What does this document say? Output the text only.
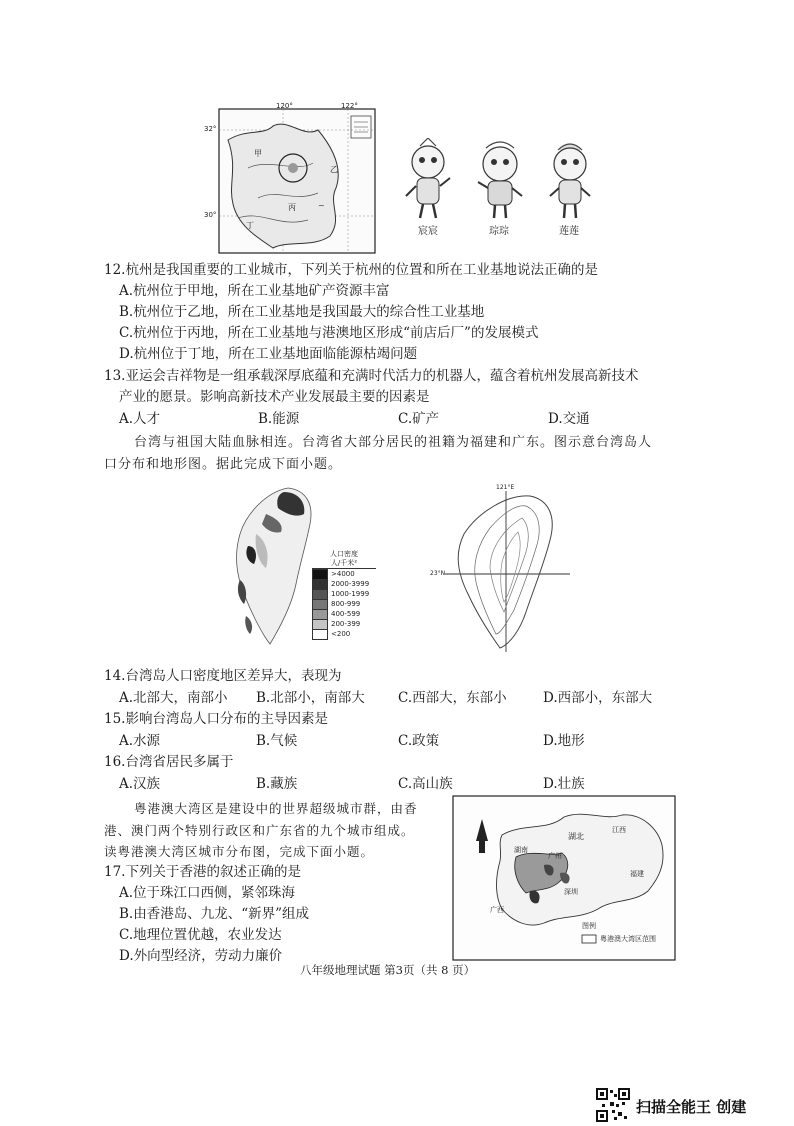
~
120°	122°
32°
30°
甲
乙
丙
丁
宸宸	琮琮	莲莲
12.杭州是我国重要的工业城市，下列关于杭州的位置和所在工业基地说法正确的是
A.杭州位于甲地，所在工业基地矿产资源丰富
B.杭州位于乙地，所在工业基地是我国最大的综合性工业基地
C.杭州位于丙地，所在工业基地与港澳地区形成“前店后厂”的发展模式
D.杭州位于丁地，所在工业基地面临能源枯竭问题
13.亚运会吉祥物是一组承载深厚底蕴和充满时代活力的机器人，蕴含着杭州发展高新技术
产业的愿景。影响高新技术产业发展最主要的因素是
A.人才	B.能源	C.矿产	D.交通
台湾与祖国大陆血脉相连。台湾省大部分居民的祖籍为福建和广东。图示意台湾岛人
口分布和地形图。据此完成下面小题。
人口密度
人/千米²
>4000
2000-3999
1000-1999
800-999
400-599
200-399
<200
121°E
23°N
14.台湾岛人口密度地区差异大，表现为
A.北部大，南部小 B.北部小，南部大 C.西部大，东部小	D.西部小，东部大
15.影响台湾岛人口分布的主导因素是
A.水源	B.气候	C.政策	D.地形
16.台湾省居民多属于
A.汉族	B.藏族	C.高山族	D.壮族
粤港澳大湾区是建设中的世界超级城市群，由香
港、澳门两个特别行政区和广东省的九个城市组成。
读粤港澳大湾区城市分布图，完成下面小题。
17.下列关于香港的叙述正确的是
A.位于珠江口西侧，紧邻珠海
B.由香港岛、九龙、“新界”组成
C.地理位置优越，农业发达
D.外向型经济，劳动力廉价
湖北
广西
湖南
江西
福建
广州
深圳
图例
粤港澳大湾区范围
八年级地理试题 第3页（共 8 页）
扫描全能王 创建
